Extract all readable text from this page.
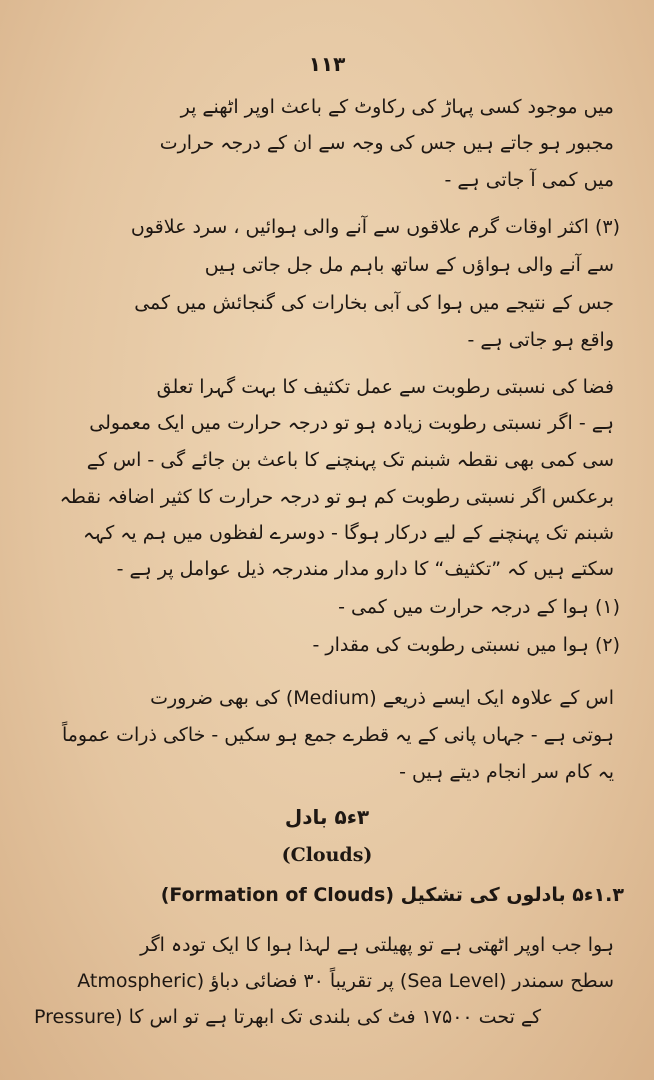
۱۱۳
میں موجود کسی پہاڑ کی رکاوٹ کے باعث اوپر اٹھنے پر
مجبور ہو جاتے ہیں جس کی وجہ سے ان کے درجہ حرارت
میں کمی آ جاتی ہے -
(۳) اکثر اوقات گرم علاقوں سے آنے والی ہوائیں ، سرد علاقوں
سے آنے والی ہواؤں کے ساتھ باہم مل جل جاتی ہیں
جس کے نتیجے میں ہوا کی آبی بخارات کی گنجائش میں کمی
واقع ہو جاتی ہے -
فضا کی نسبتی رطوبت سے عمل تکثیف کا بہت گہرا تعلق
ہے - اگر نسبتی رطوبت زیادہ ہو تو درجہ حرارت میں ایک معمولی
سی کمی بھی نقطہ شبنم تک پہنچنے کا باعث بن جائے گی - اس کے
برعکس اگر نسبتی رطوبت کم ہو تو درجہ حرارت کا کثیر اضافہ نقطہ
شبنم تک پہنچنے کے لیے درکار ہوگا - دوسرے لفظوں میں ہم یہ کہہ
سکتے ہیں کہ ”تکثیف“ کا دارو مدار مندرجہ ذیل عوامل پر ہے -
(۱) ہوا کے درجہ حرارت میں کمی -
(۲) ہوا میں نسبتی رطوبت کی مقدار -
اس کے علاوہ ایک ایسے ذریعے (Medium) کی بھی ضرورت
ہوتی ہے - جہاں پانی کے یہ قطرے جمع ہو سکیں - خاکی ذرات عموماً
یہ کام سر انجام دیتے ہیں -
۳ء۵ بادل
(Clouds)
۱.۳ء۵ بادلوں کی تشکیل (Formation of Clouds)
ہوا جب اوپر اٹھتی ہے تو پھیلتی ہے لہذا ہوا کا ایک تودہ اگر
سطح سمندر (Sea Level) پر تقریباً ۳۰ فضائی دباؤ (Atmospheric
Pressure) کے تحت ۱۷۵۰۰ فٹ کی بلندی تک ابھرتا ہے تو اس کا
